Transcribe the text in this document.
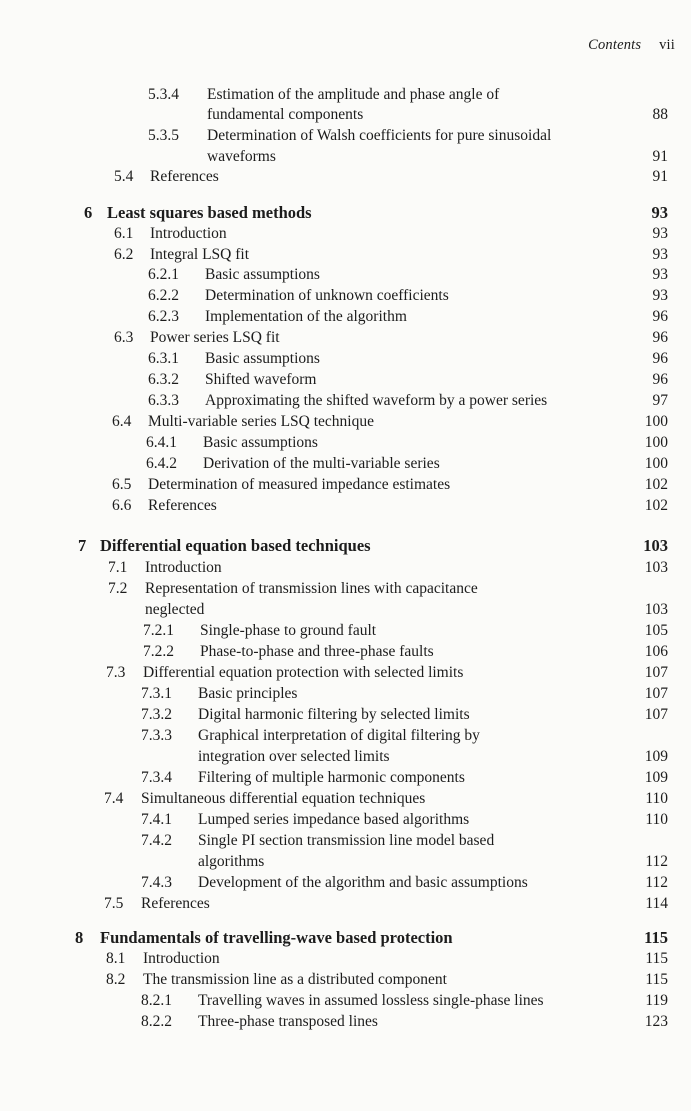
Contents vii
5.3.4 Estimation of the amplitude and phase angle of
fundamental components	88
5.3.5 Determination of Walsh coefficients for pure sinusoidal
waveforms	91
5.4 References	91
6 Least squares based methods	93
6.1 Introduction	93
6.2 Integral LSQ fit	93
6.2.1 Basic assumptions	93
6.2.2 Determination of unknown coefficients	93
6.2.3 Implementation of the algorithm	96
6.3 Power series LSQ fit	96
6.3.1 Basic assumptions	96
6.3.2 Shifted waveform	96
6.3.3 Approximating the shifted waveform by a power series	97
6.4 Multi-variable series LSQ technique	100
6.4.1 Basic assumptions	100
6.4.2 Derivation of the multi-variable series	100
6.5 Determination of measured impedance estimates	102
6.6 References	102
7 Differential equation based techniques	103
7.1 Introduction	103
7.2 Representation of transmission lines with capacitance
neglected	103
7.2.1 Single-phase to ground fault	105
7.2.2 Phase-to-phase and three-phase faults	106
7.3 Differential equation protection with selected limits	107
7.3.1 Basic principles	107
7.3.2 Digital harmonic filtering by selected limits	107
7.3.3 Graphical interpretation of digital filtering by
integration over selected limits	109
7.3.4 Filtering of multiple harmonic components	109
7.4 Simultaneous differential equation techniques	110
7.4.1 Lumped series impedance based algorithms	110
7.4.2 Single PI section transmission line model based
algorithms	112
7.4.3 Development of the algorithm and basic assumptions	112
7.5 References	114
8 Fundamentals of travelling-wave based protection	115
8.1 Introduction	115
8.2 The transmission line as a distributed component	115
8.2.1 Travelling waves in assumed lossless single-phase lines	119
8.2.2 Three-phase transposed lines	123
